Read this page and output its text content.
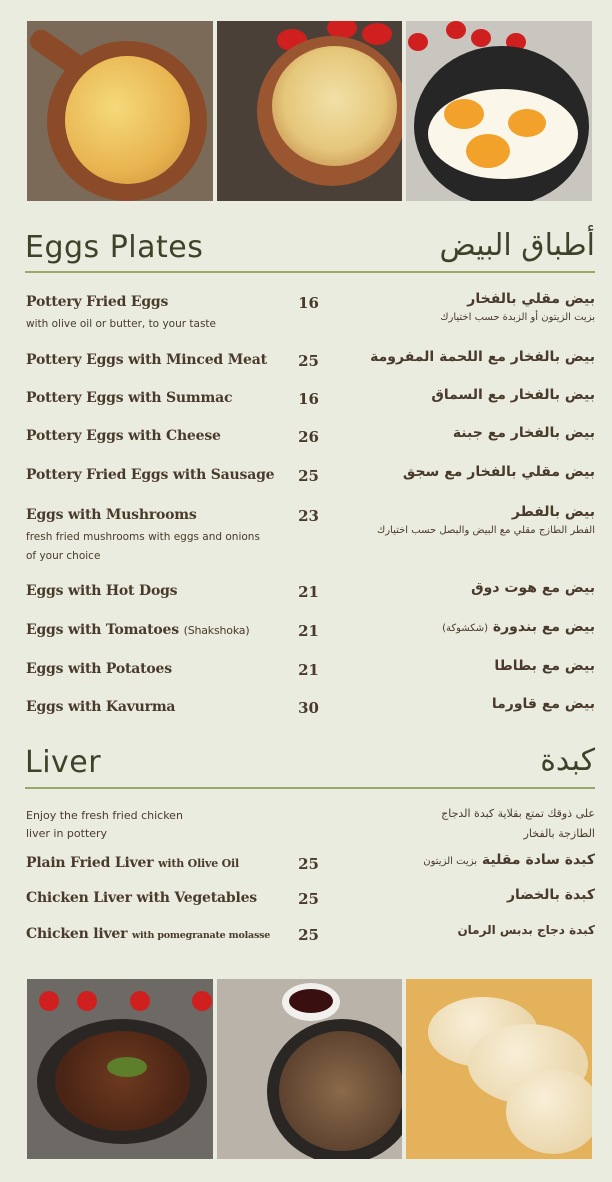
Eggs Plates	أطباق البيض
Pottery Fried Eggs
with olive oil or butter, to your taste
16	بيض مقلي بالفخار
بزيت الزيتون أو الزبدة حسب اختيارك
Pottery Eggs with Minced Meat 25	بيض بالفخار مع اللحمة المفرومة
Pottery Eggs with Summac	16	بيض بالفخار مع السماق
Pottery Eggs with Cheese	26	بيض بالفخار مع جبنة
Pottery Fried Eggs with Sausage 25	بيض مقلي بالفخار مع سجق
Eggs with Mushrooms
fresh fried mushrooms with eggs and onions
of your choice
23	بيض بالفطر
الفطر الطازج مقلي مع البيض والبصل حسب اختيارك
Eggs with Hot Dogs	21	بيض مع هوت دوق
Eggs with Tomatoes (Shakshoka)	21	بيض مع بندورة (شكشوكة)
Eggs with Potatoes	21	بيض مع بطاطا
Eggs with Kavurma	30	بيض مع قاورما
Liver	كبدة
Enjoy the fresh fried chicken
liver in pottery
على ذوقك تمتع بقلاية كبدة الدجاج
الطازجة بالفخار
Plain Fried Liver with Olive Oil	25	كبدة سادة مقلية بزيت الزيتون
Chicken Liver with Vegetables	25	كبدة بالخضار
Chicken liver with pomegranate molasse 25	كبدة دجاج بدبس الرمان
